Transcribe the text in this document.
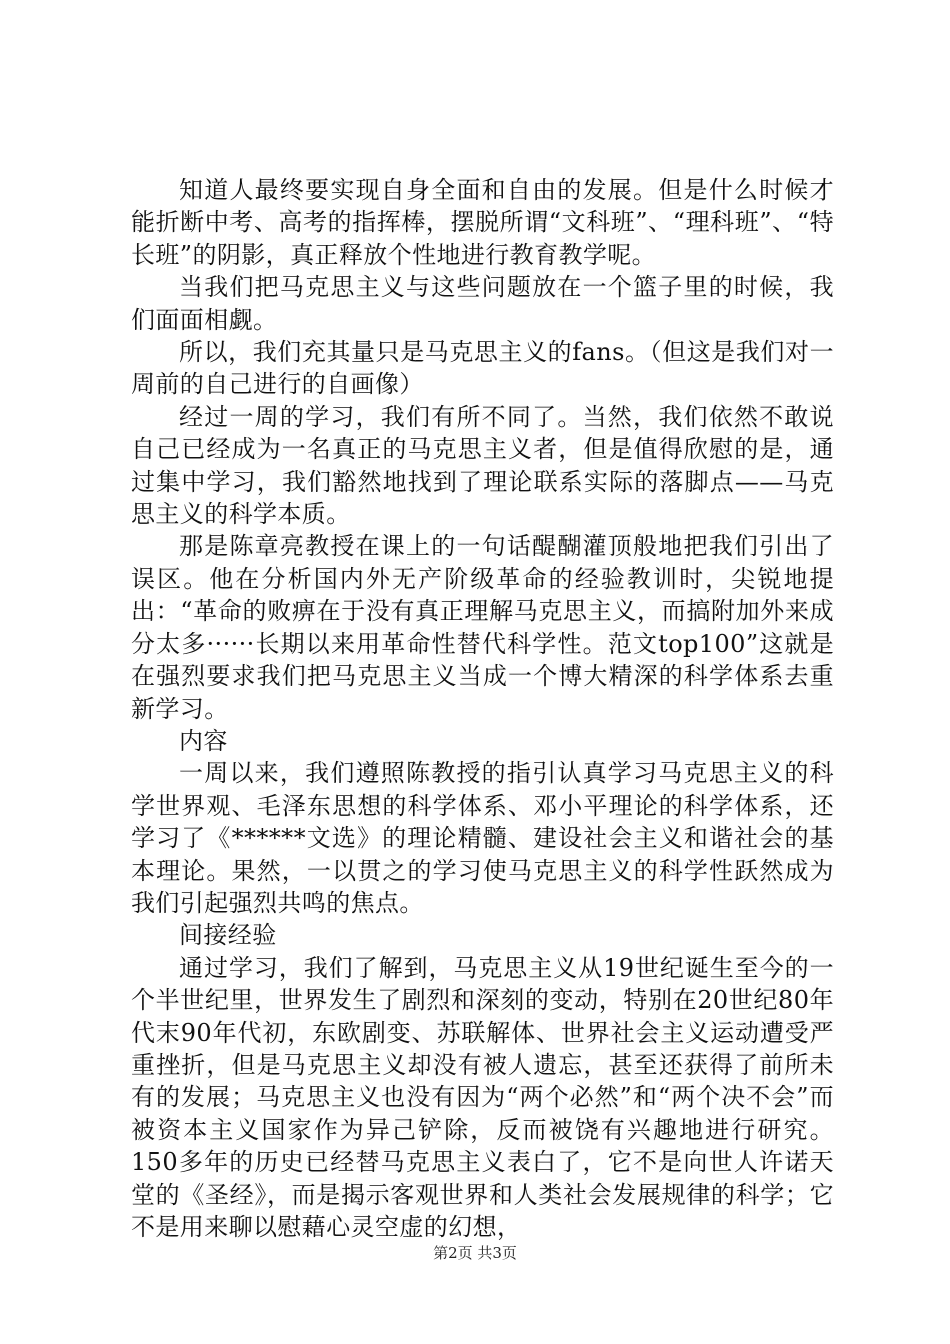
知道人最终要实现自身全面和自由的发展。但是什么时候才能折断中考、高考的指挥棒，摆脱所谓“文科班”、“理科班”、“特长班”的阴影，真正释放个性地进行教育教学呢。

当我们把马克思主义与这些问题放在一个篮子里的时候，我们面面相觑。

所以，我们充其量只是马克思主义的fans。（但这是我们对一周前的自己进行的自画像）

经过一周的学习，我们有所不同了。当然，我们依然不敢说自己已经成为一名真正的马克思主义者，但是值得欣慰的是，通过集中学习，我们豁然地找到了理论联系实际的落脚点——马克思主义的科学本质。

那是陈章亮教授在课上的一句话醍醐灌顶般地把我们引出了误区。他在分析国内外无产阶级革命的经验教训时，尖锐地提出：“革命的败痹在于没有真正理解马克思主义，而搞附加外来成分太多······长期以来用革命性替代科学性。范文top100”这就是在强烈要求我们把马克思主义当成一个博大精深的科学体系去重新学习。

内容

一周以来，我们遵照陈教授的指引认真学习马克思主义的科学世界观、毛泽东思想的科学体系、邓小平理论的科学体系，还学习了《******文选》的理论精髓、建设社会主义和谐社会的基本理论。果然，一以贯之的学习使马克思主义的科学性跃然成为我们引起强烈共鸣的焦点。

间接经验

通过学习，我们了解到，马克思主义从19世纪诞生至今的一个半世纪里，世界发生了剧烈和深刻的变动，特别在20世纪80年代末90年代初，东欧剧变、苏联解体、世界社会主义运动遭受严重挫折，但是马克思主义却没有被人遗忘，甚至还获得了前所未有的发展；马克思主义也没有因为“两个必然”和“两个决不会”而被资本主义国家作为异己铲除，反而被饶有兴趣地进行研究。150多年的历史已经替马克思主义表白了，它不是向世人许诺天堂的《圣经》，而是揭示客观世界和人类社会发展规律的科学；它不是用来聊以慰藉心灵空虚的幻想，

第2页 共3页
